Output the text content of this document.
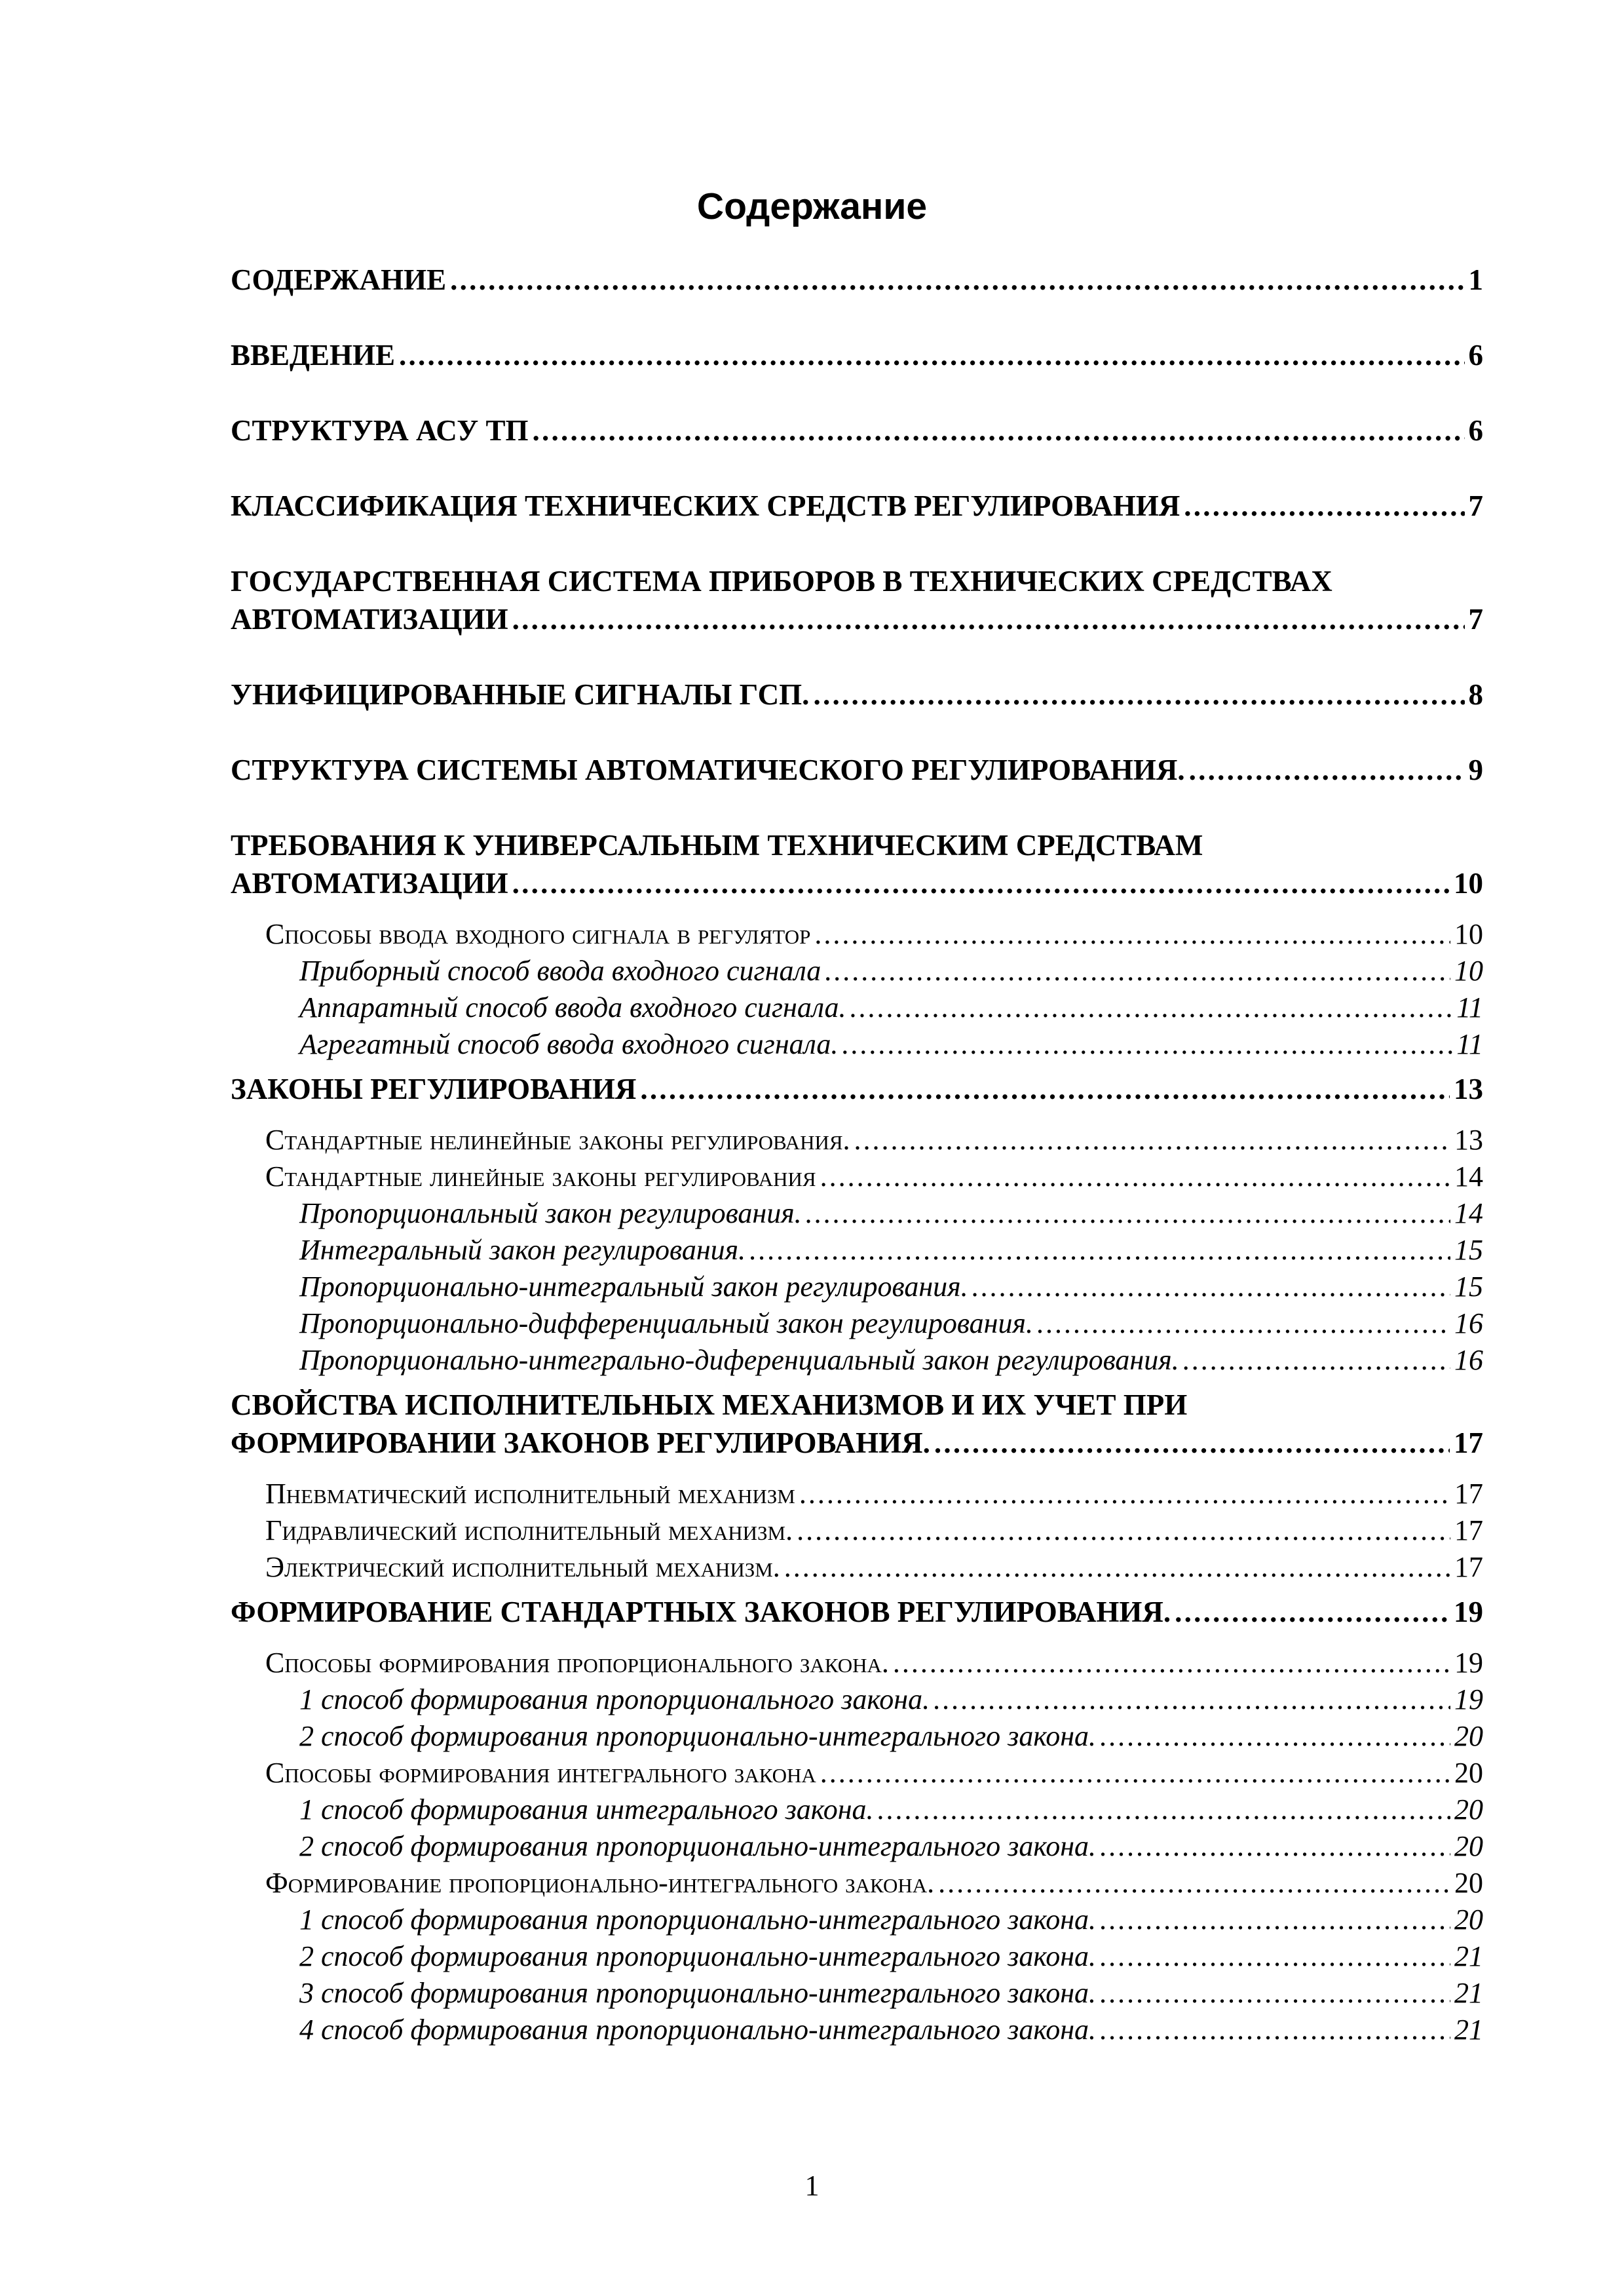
Содержание
СОДЕРЖАНИЕ . . .	1
ВВЕДЕНИЕ . . .	6
СТРУКТУРА АСУ ТП . . .	6
КЛАССИФИКАЦИЯ ТЕХНИЧЕСКИХ СРЕДСТВ РЕГУЛИРОВАНИЯ . . .	7
ГОСУДАРСТВЕННАЯ СИСТЕМА ПРИБОРОВ В ТЕХНИЧЕСКИХ СРЕДСТВАХ
АВТОМАТИЗАЦИИ . . .	7
УНИФИЦИРОВАННЫЕ СИГНАЛЫ ГСП. . . .	8
СТРУКТУРА СИСТЕМЫ АВТОМАТИЧЕСКОГО РЕГУЛИРОВАНИЯ. . . .	9
ТРЕБОВАНИЯ К УНИВЕРСАЛЬНЫМ ТЕХНИЧЕСКИМ СРЕДСТВАМ
АВТОМАТИЗАЦИИ . . .	10
Способы ввода входного сигнала в регулятор . . .	10
Приборный способ ввода входного сигнала . . .	10
Аппаратный способ ввода входного сигнала. . . .	11
Агрегатный способ ввода входного сигнала. . . .	11
ЗАКОНЫ РЕГУЛИРОВАНИЯ . . .	13
Стандартные нелинейные законы регулирования. . . .	13
Стандартные линейные законы регулирования . . .	14
Пропорциональный закон регулирования. . . .	14
Интегральный закон регулирования. . . .	15
Пропорционально-интегральный закон регулирования. . . .	15
Пропорционально-дифференциальный закон регулирования. . . .	16
Пропорционально-интегрально-диференциальный закон регулирования. . . .	16
СВОЙСТВА ИСПОЛНИТЕЛЬНЫХ МЕХАНИЗМОВ И ИХ УЧЕТ ПРИ
ФОРМИРОВАНИИ ЗАКОНОВ РЕГУЛИРОВАНИЯ. . . .	17
Пневматический исполнительный механизм . . .	17
Гидравлический исполнительный механизм. . . .	17
Электрический исполнительный механизм. . . .	17
ФОРМИРОВАНИЕ СТАНДАРТНЫХ ЗАКОНОВ РЕГУЛИРОВАНИЯ. . . .	19
Способы формирования пропорционального закона. . . .	19
1 способ формирования пропорционального закона. . . .	19
2 способ формирования пропорционально-интегрального закона. . . .	20
Способы формирования интегрального закона . . .	20
1 способ формирования интегрального закона. . . .	20
2 способ формирования пропорционально-интегрального закона. . . .	20
Формирование пропорционально-интегрального закона. . . .	20
1 способ формирования пропорционально-интегрального закона. . . .	20
2 способ формирования пропорционально-интегрального закона. . . .	21
3 способ формирования пропорционально-интегрального закона. . . .	21
4 способ формирования пропорционально-интегрального закона. . . .	21
1
